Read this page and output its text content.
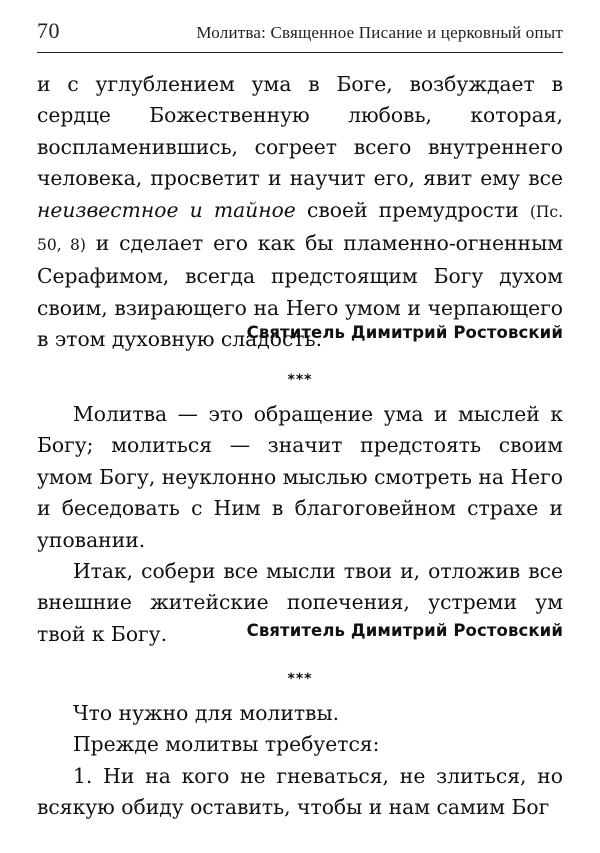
70	Молитва: Священное Писание и церковный опыт

и с углублением ума в Боге, возбуждает в сердце Божественную любовь, которая, воспламенившись, согреет всего внутреннего человека, просветит и научит его, явит ему все неизвестное и тайное своей премудрости (Пс. 50, 8) и сделает его как бы пламенно-огненным Серафимом, всегда предстоящим Богу духом своим, взирающего на Него умом и черпающего в этом духовную сладость.

Святитель Димитрий Ростовский
***

Молитва — это обращение ума и мыслей к Богу; молиться — значит предстоять своим умом Богу, неуклонно мыслью смотреть на Него и беседовать с Ним в благоговейном страхе и уповании.

Итак, собери все мысли твои и, отложив все внешние житейские попечения, устреми ум твой к Богу.	Святитель Димитрий Ростовский
***

Что нужно для молитвы.

Прежде молитвы требуется:

1. Ни на кого не гневаться, не злиться, но всякую обиду оставить, чтобы и нам самим Бог
